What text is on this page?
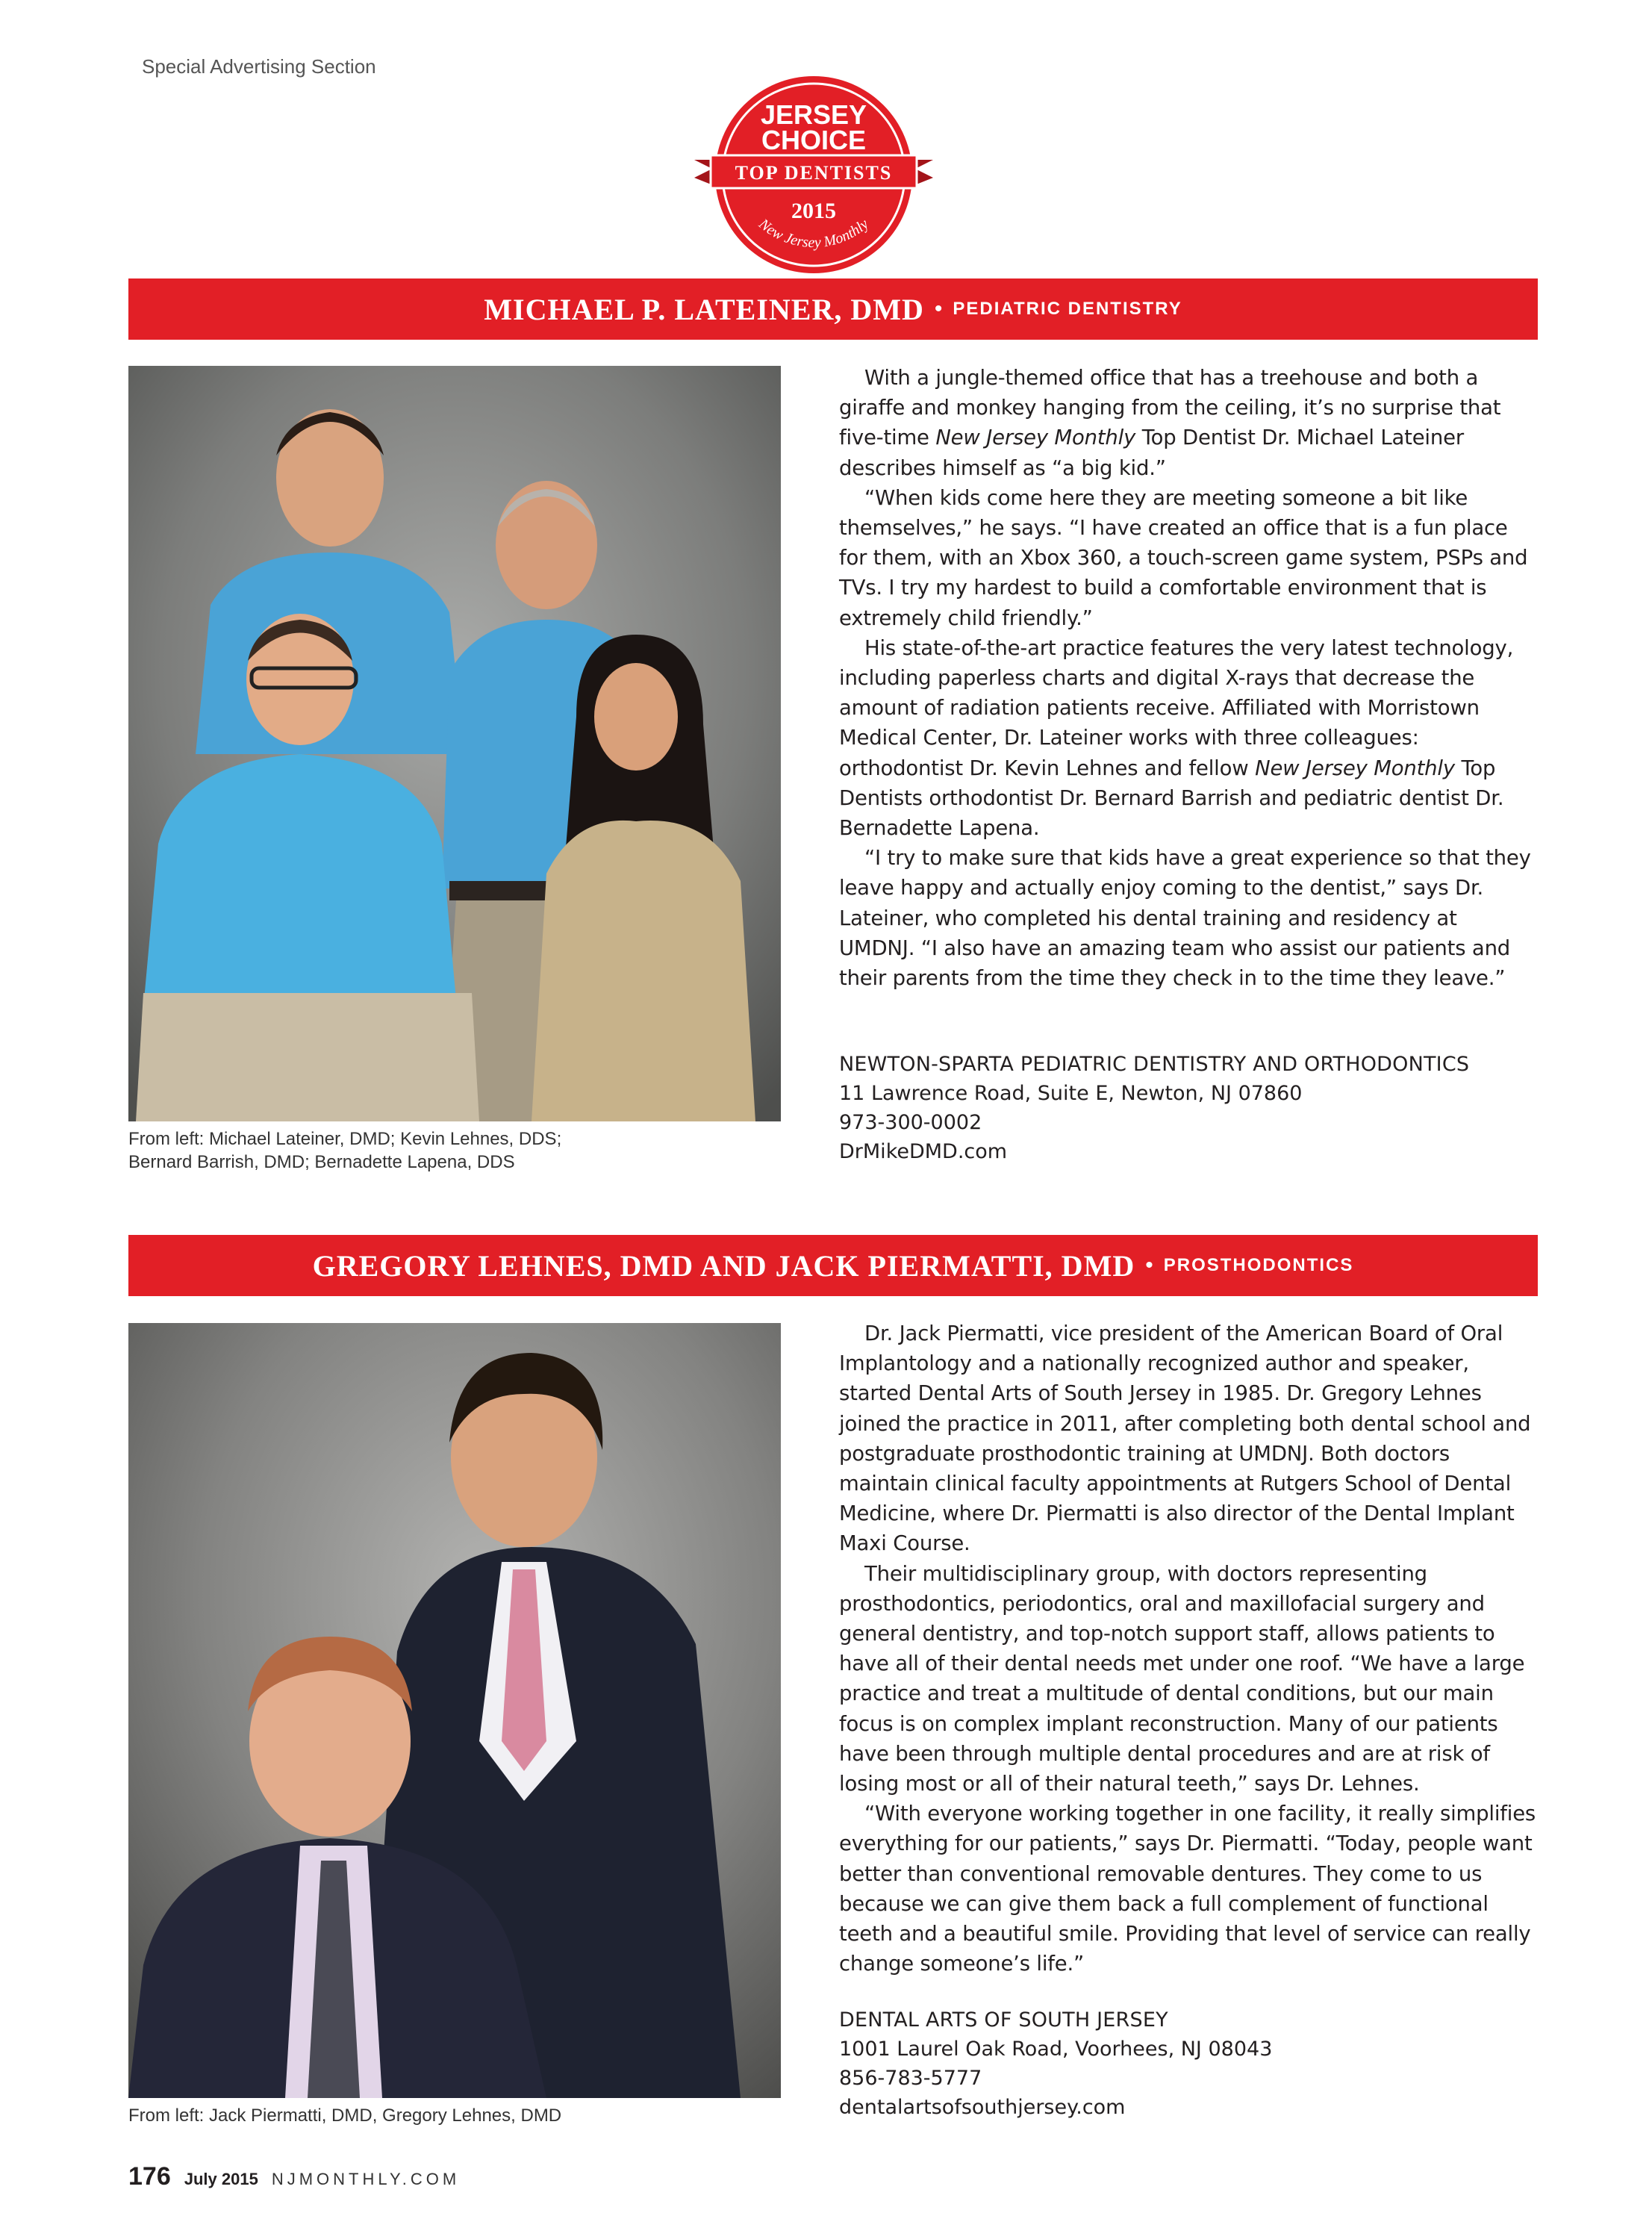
Special Advertising Section
JERSEY
CHOICE
TOP DENTISTS
2015
New Jersey Monthly
MICHAEL P. LATEINER, DMD • PEDIATRIC DENTISTRY
From left: Michael Lateiner, DMD; Kevin Lehnes, DDS;
Bernard Barrish, DMD; Bernadette Lapena, DDS

With a jungle-themed office that has a treehouse and both a giraffe and monkey hanging from the ceiling, it’s no surprise that five-time New Jersey Monthly Top Dentist Dr. Michael Lateiner describes himself as “a big kid.”

“When kids come here they are meeting someone a bit like themselves,” he says. “I have created an office that is a fun place for them, with an Xbox 360, a touch-screen game system, PSPs and TVs. I try my hardest to build a comfortable environment that is extremely child friendly.”

His state-of-the-art practice features the very latest technology, including paperless charts and digital X-rays that decrease the amount of radiation patients receive. Affiliated with Morristown Medical Center, Dr. Lateiner works with three colleagues: orthodontist Dr. Kevin Lehnes and fellow New Jersey Monthly Top Dentists orthodontist Dr. Bernard Barrish and pediatric dentist Dr. Bernadette Lapena.

“I try to make sure that kids have a great experience so that they leave happy and actually enjoy coming to the dentist,” says Dr. Lateiner, who completed his dental training and residency at UMDNJ. “I also have an amazing team who assist our patients and their parents from the time they check in to the time they leave.”

NEWTON-SPARTA PEDIATRIC DENTISTRY AND ORTHODONTICS
11 Lawrence Road, Suite E, Newton, NJ 07860
973-300-0002
DrMikeDMD.com
GREGORY LEHNES, DMD AND JACK PIERMATTI, DMD • PROSTHODONTICS
From left: Jack Piermatti, DMD, Gregory Lehnes, DMD

Dr. Jack Piermatti, vice president of the American Board of Oral Implantology and a nationally recognized author and speaker, started Dental Arts of South Jersey in 1985. Dr. Gregory Lehnes joined the practice in 2011, after completing both dental school and postgraduate prosthodontic training at UMDNJ. Both doctors maintain clinical faculty appointments at Rutgers School of Dental Medicine, where Dr. Piermatti is also director of the Dental Implant Maxi Course.

Their multidisciplinary group, with doctors representing prosthodontics, periodontics, oral and maxillofacial surgery and general dentistry, and top-notch support staff, allows patients to have all of their dental needs met under one roof. “We have a large practice and treat a multitude of dental conditions, but our main focus is on complex implant reconstruction. Many of our patients have been through multiple dental procedures and are at risk of losing most or all of their natural teeth,” says Dr. Lehnes.

“With everyone working together in one facility, it really simplifies everything for our patients,” says Dr. Piermatti. “Today, people want better than conventional removable dentures. They come to us because we can give them back a full complement of functional teeth and a beautiful smile. Providing that level of service can really change someone’s life.”

DENTAL ARTS OF SOUTH JERSEY
1001 Laurel Oak Road, Voorhees, NJ 08043
856-783-5777
dentalartsofsouthjersey.com
176 July 2015 NJMONTHLY.COM
